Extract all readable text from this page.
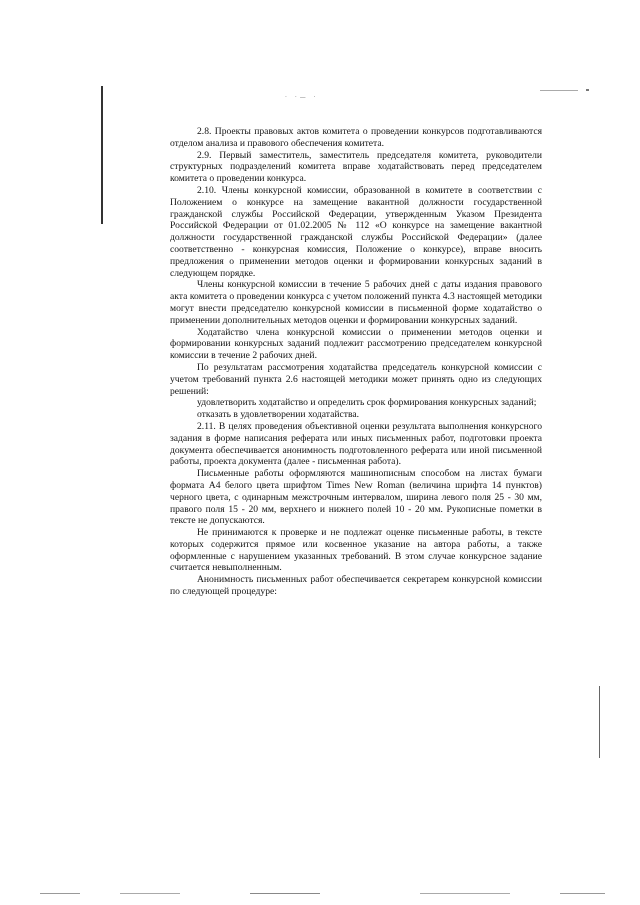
· ·— ·

2.8. Проекты правовых актов комитета о проведении конкурсов подготавливаются отделом анализа и правового обеспечения комитета.

2.9. Первый заместитель, заместитель председателя комитета, руководители структурных подразделений комитета вправе ходатайствовать перед председателем комитета о проведении конкурса.

2.10. Члены конкурсной комиссии, образованной в комитете в соответствии с Положением о конкурсе на замещение вакантной должности государственной гражданской службы Российской Федерации, утвержденным Указом Президента Российской Федерации от 01.02.2005 № 112 «О конкурсе на замещение вакантной должности государственной гражданской службы Российской Федерации» (далее соответственно - конкурсная комиссия, Положение о конкурсе), вправе вносить предложения о применении методов оценки и формировании конкурсных заданий в следующем порядке.

Члены конкурсной комиссии в течение 5 рабочих дней с даты издания правового акта комитета о проведении конкурса с учетом положений пункта 4.3 настоящей методики могут внести председателю конкурсной комиссии в письменной форме ходатайство о применении дополнительных методов оценки и формировании конкурсных заданий.

Ходатайство члена конкурсной комиссии о применении методов оценки и формировании конкурсных заданий подлежит рассмотрению председателем конкурсной комиссии в течение 2 рабочих дней.

По результатам рассмотрения ходатайства председатель конкурсной комиссии с учетом требований пункта 2.6 настоящей методики может принять одно из следующих решений:

удовлетворить ходатайство и определить срок формирования конкурсных заданий;

отказать в удовлетворении ходатайства.

2.11. В целях проведения объективной оценки результата выполнения конкурсного задания в форме написания реферата или иных письменных работ, подготовки проекта документа обеспечивается анонимность подготовленного реферата или иной письменной работы, проекта документа (далее - письменная работа).

Письменные работы оформляются машинописным способом на листах бумаги формата А4 белого цвета шрифтом Times New Roman (величина шрифта 14 пунктов) черного цвета, с одинарным межстрочным интервалом, ширина левого поля 25 - 30 мм, правого поля 15 - 20 мм, верхнего и нижнего полей 10 - 20 мм. Рукописные пометки в тексте не допускаются.

Не принимаются к проверке и не подлежат оценке письменные работы, в тексте которых содержится прямое или косвенное указание на автора работы, а также оформленные с нарушением указанных требований. В этом случае конкурсное задание считается невыполненным.

Анонимность письменных работ обеспечивается секретарем конкурсной комиссии по следующей процедуре:
